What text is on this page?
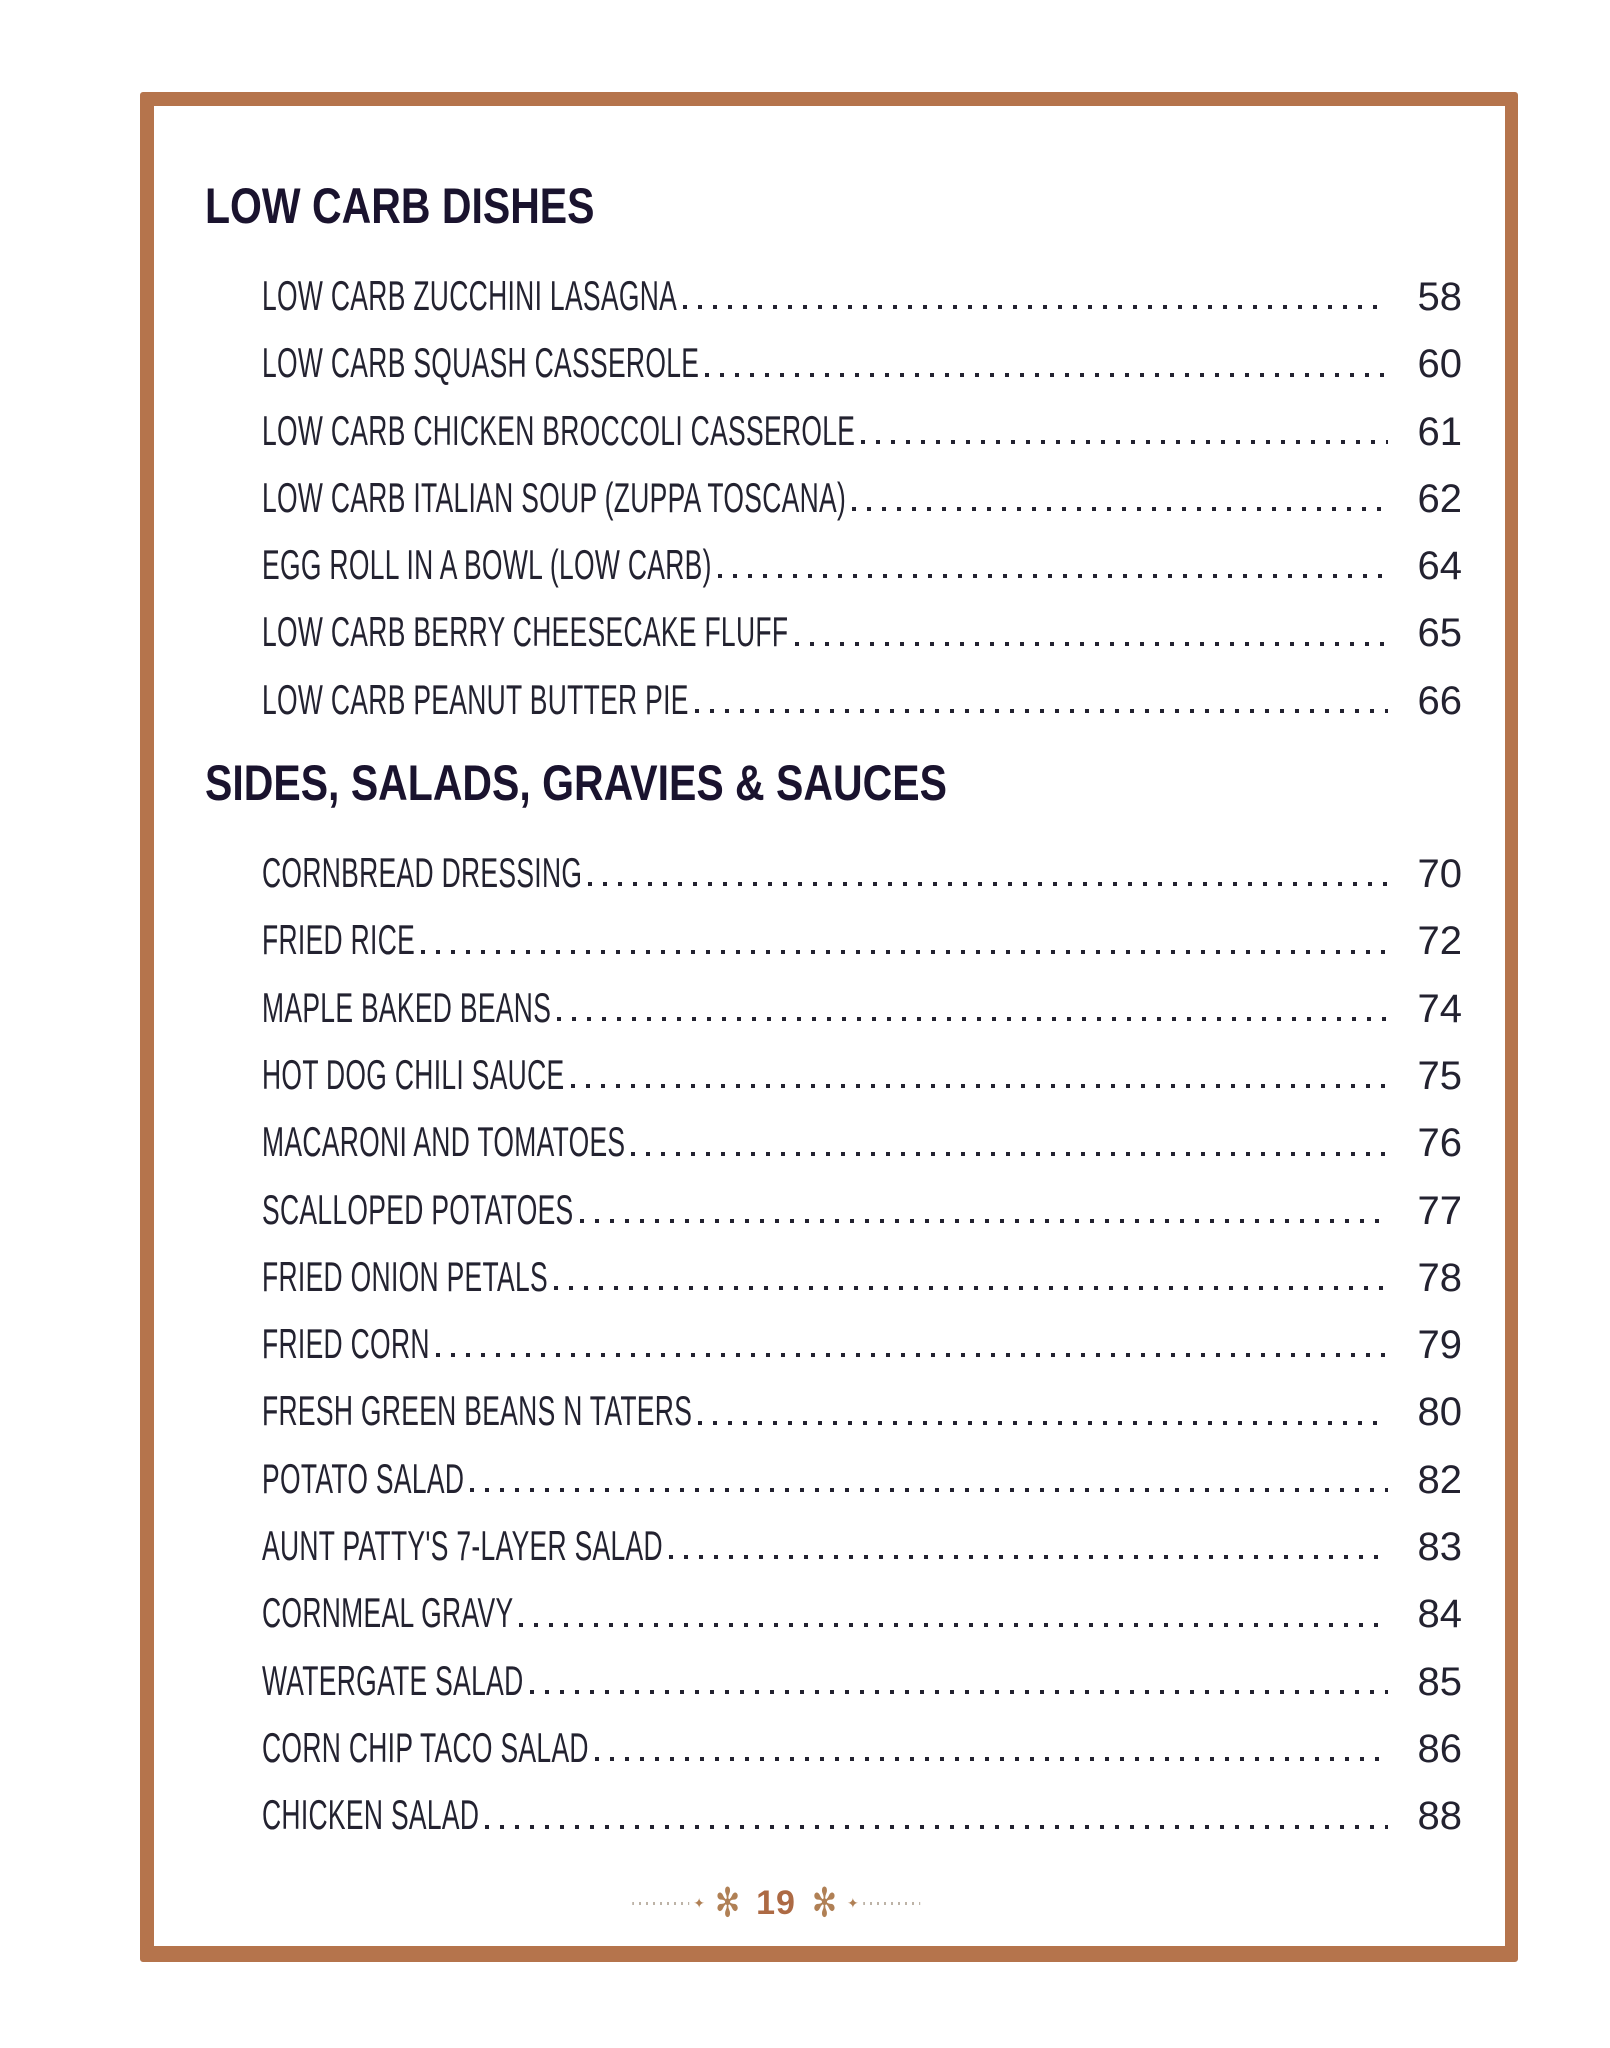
LOW CARB DISHES
LOW CARB ZUCCHINI LASAGNA	58
LOW CARB SQUASH CASSEROLE	60
LOW CARB CHICKEN BROCCOLI CASSEROLE	61
LOW CARB ITALIAN SOUP (ZUPPA TOSCANA)	62
EGG ROLL IN A BOWL (LOW CARB)	64
LOW CARB BERRY CHEESECAKE FLUFF	65
LOW CARB PEANUT BUTTER PIE	66
SIDES, SALADS, GRAVIES & SAUCES
CORNBREAD DRESSING	70
FRIED RICE	72
MAPLE BAKED BEANS	74
HOT DOG CHILI SAUCE	75
MACARONI AND TOMATOES	76
SCALLOPED POTATOES	77
FRIED ONION PETALS	78
FRIED CORN	79
FRESH GREEN BEANS N TATERS	80
POTATO SALAD	82
AUNT PATTY'S 7-LAYER SALAD	83
CORNMEAL GRAVY	84
WATERGATE SALAD	85
CORN CHIP TACO SALAD	86
CHICKEN SALAD	88
✦ ✻ 19 ✻ ✦
